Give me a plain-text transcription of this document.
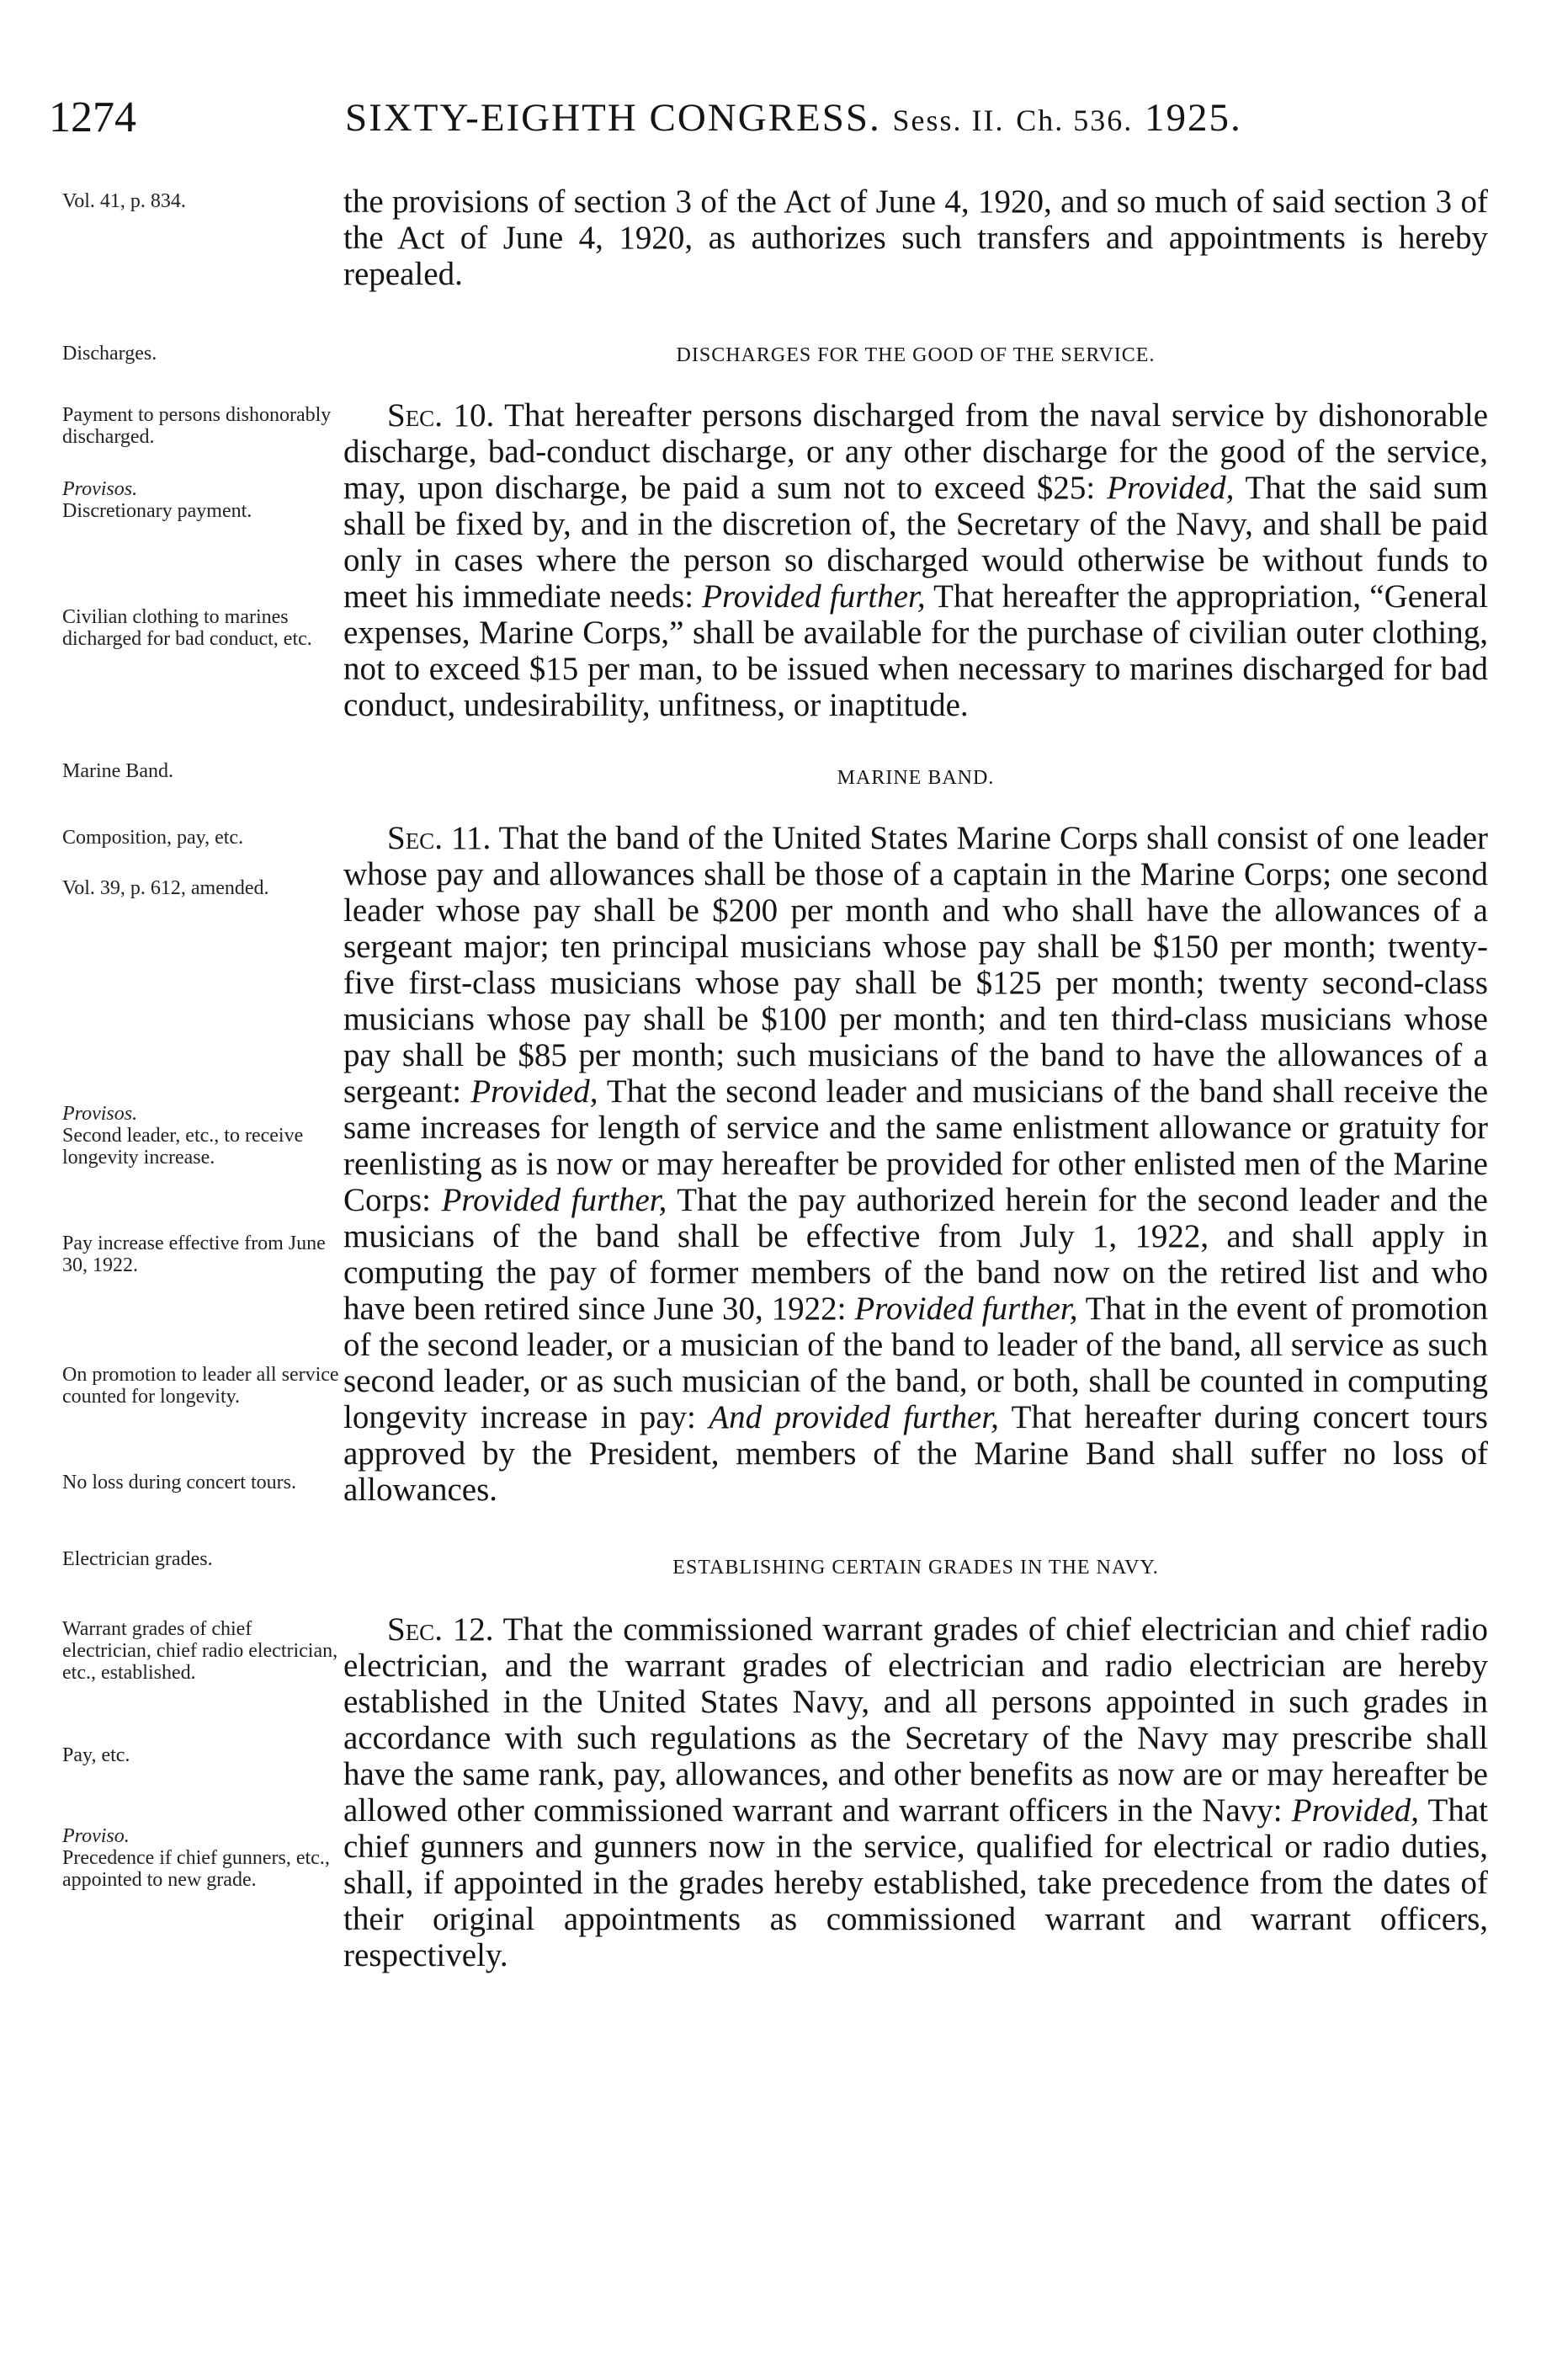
1274	SIXTY-EIGHTH CONGRESS. Sess. II. Ch. 536. 1925.
Vol. 41, p. 834.	the provisions of section 3 of the Act of June 4, 1920, and so much of said section 3 of the Act of June 4, 1920, as authorizes such transfers and appointments is hereby repealed.

Discharges.	DISCHARGES FOR THE GOOD OF THE SERVICE.
Payment to persons dishonorably discharged.
Provisos.
Discretionary payment.
Civilian clothing to marines dicharged for bad conduct, etc.

Sec. 10. That hereafter persons discharged from the naval service by dishonorable discharge, bad-conduct discharge, or any other discharge for the good of the service, may, upon discharge, be paid a sum not to exceed $25: Provided, That the said sum shall be fixed by, and in the discretion of, the Secretary of the Navy, and shall be paid only in cases where the person so discharged would otherwise be without funds to meet his immediate needs: Provided further, That hereafter the appropriation, “General expenses, Marine Corps,” shall be available for the purchase of civilian outer clothing, not to exceed $15 per man, to be issued when necessary to marines discharged for bad conduct, undesirability, unfitness, or inaptitude.

Marine Band.	MARINE BAND.
Composition, pay, etc.
Vol. 39, p. 612, amended.
Provisos.
Second leader, etc., to receive longevity increase.
Pay increase effective from June 30, 1922.
On promotion to leader all service counted for longevity.
No loss during concert tours.

Sec. 11. That the band of the United States Marine Corps shall consist of one leader whose pay and allowances shall be those of a captain in the Marine Corps; one second leader whose pay shall be $200 per month and who shall have the allowances of a sergeant major; ten principal musicians whose pay shall be $150 per month; twenty-five first-class musicians whose pay shall be $125 per month; twenty second-class musicians whose pay shall be $100 per month; and ten third-class musicians whose pay shall be $85 per month; such musicians of the band to have the allowances of a sergeant: Provided, That the second leader and musicians of the band shall receive the same increases for length of service and the same enlistment allowance or gratuity for reenlisting as is now or may hereafter be provided for other enlisted men of the Marine Corps: Provided further, That the pay authorized herein for the second leader and the musicians of the band shall be effective from July 1, 1922, and shall apply in computing the pay of former members of the band now on the retired list and who have been retired since June 30, 1922: Provided further, That in the event of promotion of the second leader, or a musician of the band to leader of the band, all service as such second leader, or as such musician of the band, or both, shall be counted in computing longevity increase in pay: And provided further, That hereafter during concert tours approved by the President, members of the Marine Band shall suffer no loss of allowances.

Electrician grades.	ESTABLISHING CERTAIN GRADES IN THE NAVY.
Warrant grades of chief electrician, chief radio electrician, etc., established.
Pay, etc.
Proviso.
Precedence if chief gunners, etc., appointed to new grade.

Sec. 12. That the commissioned warrant grades of chief electrician and chief radio electrician, and the warrant grades of electrician and radio electrician are hereby established in the United States Navy, and all persons appointed in such grades in accordance with such regulations as the Secretary of the Navy may prescribe shall have the same rank, pay, allowances, and other benefits as now are or may hereafter be allowed other commissioned warrant and warrant officers in the Navy: Provided, That chief gunners and gunners now in the service, qualified for electrical or radio duties, shall, if appointed in the grades hereby established, take precedence from the dates of their original appointments as commissioned warrant and warrant officers, respectively.
